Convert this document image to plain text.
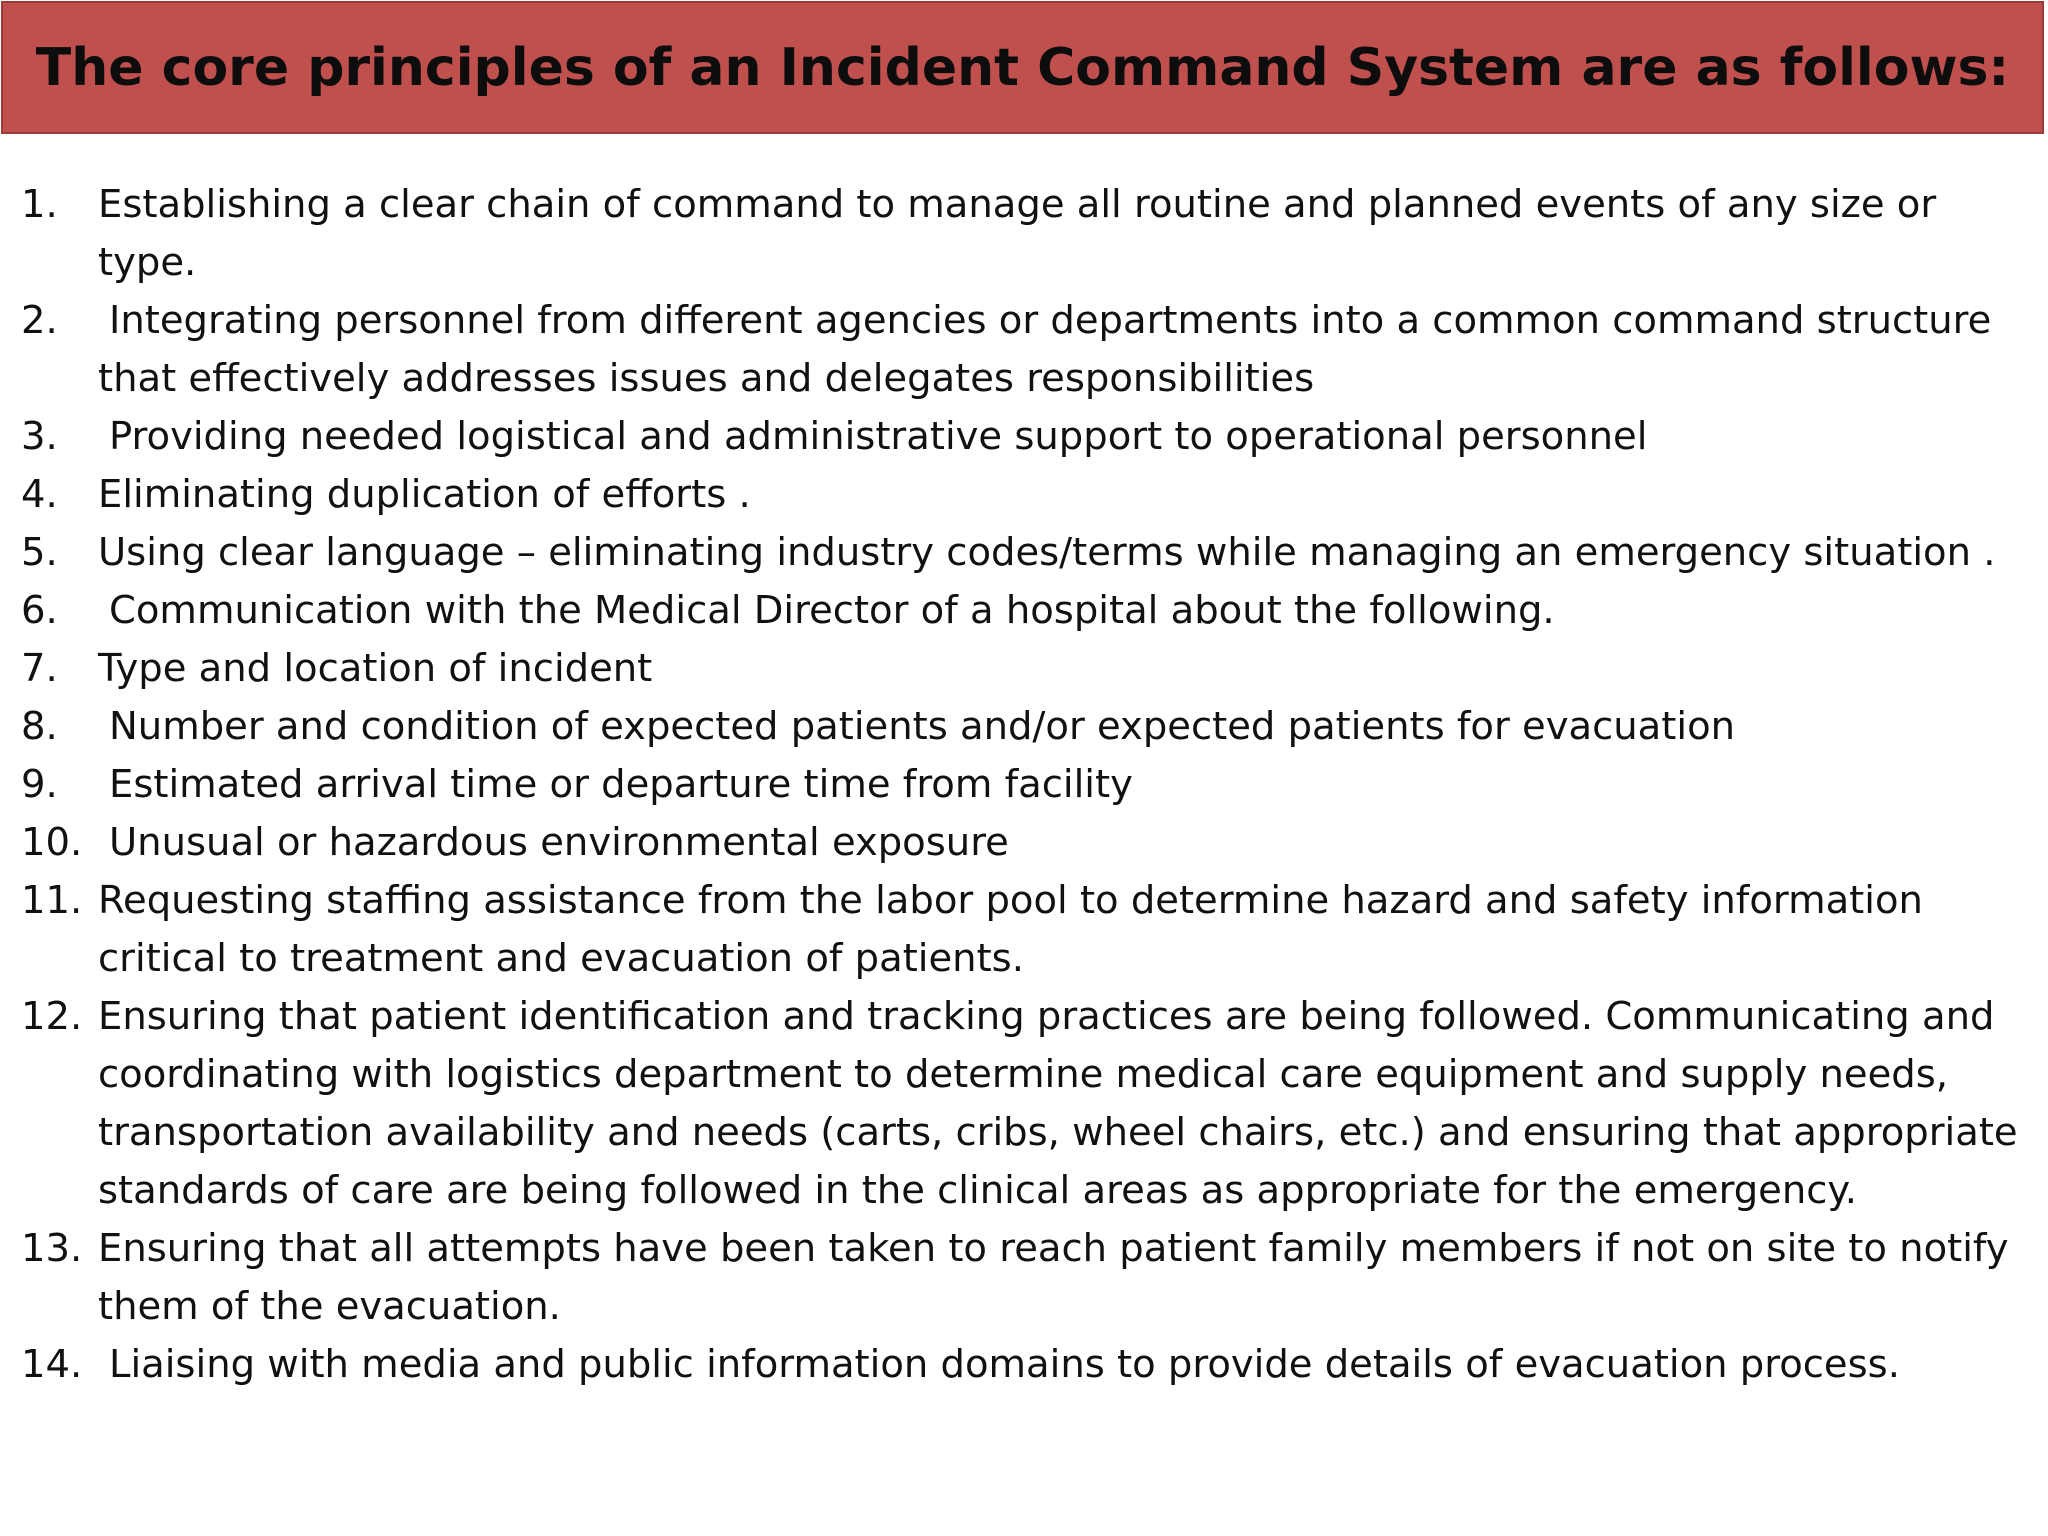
The core principles of an Incident Command System are as follows:
1. Establishing a clear chain of command to manage all routine and planned events of any size or type.
2. Integrating personnel from different agencies or departments into a common command structure that effectively addresses issues and delegates responsibilities
3. Providing needed logistical and administrative support to operational personnel
4. Eliminating duplication of efforts .
5. Using clear language – eliminating industry codes/terms while managing an emergency situation .
6. Communication with the Medical Director of a hospital about the following.
7. Type and location of incident
8. Number and condition of expected patients and/or expected patients for evacuation
9. Estimated arrival time or departure time from facility
10. Unusual or hazardous environmental exposure
11. Requesting staffing assistance from the labor pool to determine hazard and safety information critical to treatment and evacuation of patients.
12. Ensuring that patient identification and tracking practices are being followed. Communicating and coordinating with logistics department to determine medical care equipment and supply needs, transportation availability and needs (carts, cribs, wheel chairs, etc.) and ensuring that appropriate standards of care are being followed in the clinical areas as appropriate for the emergency.
13. Ensuring that all attempts have been taken to reach patient family members if not on site to notify them of the evacuation.
14. Liaising with media and public information domains to provide details of evacuation process.
